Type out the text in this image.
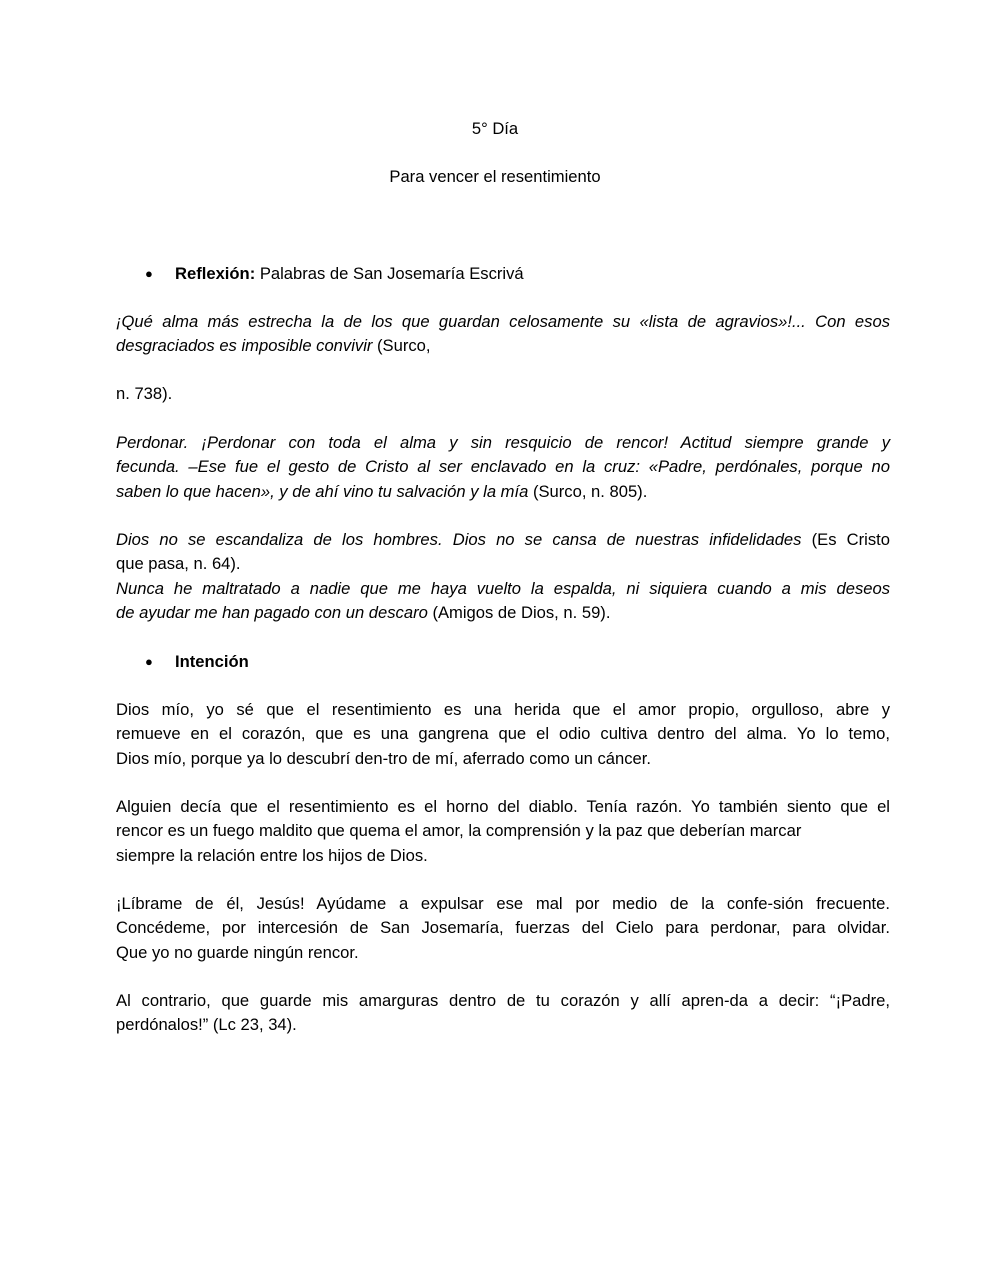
5° Día
Para vencer el resentimiento
● Reflexión: Palabras de San Josemaría Escrivá
¡Qué alma más estrecha la de los que guardan celosamente su «lista de agravios»!... Con esos
desgraciados es imposible convivir (Surco,
n. 738).
Perdonar. ¡Perdonar con toda el alma y sin resquicio de rencor! Actitud siempre grande y
fecunda. –Ese fue el gesto de Cristo al ser enclavado en la cruz: «Padre, perdónales, porque no
saben lo que hacen», y de ahí vino tu salvación y la mía (Surco, n. 805).
Dios no se escandaliza de los hombres. Dios no se cansa de nuestras infidelidades (Es Cristo
que pasa, n. 64).
Nunca he maltratado a nadie que me haya vuelto la espalda, ni siquiera cuando a mis deseos
de ayudar me han pagado con un descaro (Amigos de Dios, n. 59).
● Intención
Dios mío, yo sé que el resentimiento es una herida que el amor propio, orgulloso, abre y
remueve en el corazón, que es una gangrena que el odio cultiva dentro del alma. Yo lo temo,
Dios mío, porque ya lo descubrí den-tro de mí, aferrado como un cáncer.
Alguien decía que el resentimiento es el horno del diablo. Tenía razón. Yo también siento que el
rencor es un fuego maldito que quema el amor, la comprensión y la paz que deberían marcar
siempre la relación entre los hijos de Dios.
¡Líbrame de él, Jesús! Ayúdame a expulsar ese mal por medio de la confe-sión frecuente.
Concédeme, por intercesión de San Josemaría, fuerzas del Cielo para perdonar, para olvidar.
Que yo no guarde ningún rencor.
Al contrario, que guarde mis amarguras dentro de tu corazón y allí apren-da a decir: “¡Padre,
perdónalos!” (Lc 23, 34).
